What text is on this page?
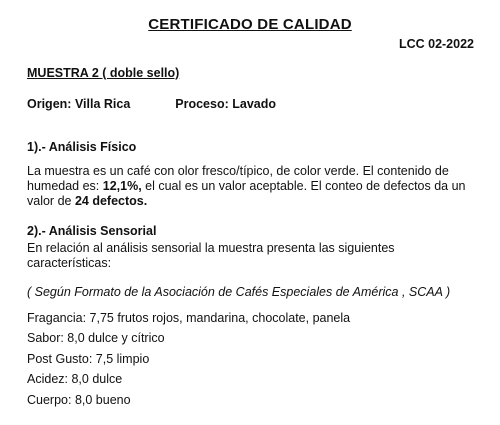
CERTIFICADO DE CALIDAD
LCC 02-2022
MUESTRA 2 ( doble sello)
Origen: Villa Rica	Proceso: Lavado
1).- Análisis Físico
La muestra es un café con olor fresco/típico, de color verde. El contenido de humedad es: 12,1%, el cual es un valor aceptable. El conteo de defectos da un valor de 24 defectos.
2).- Análisis Sensorial
En relación al análisis sensorial la muestra presenta las siguientes características:
( Según Formato de la Asociación de Cafés Especiales de América , SCAA )
Fragancia: 7,75 frutos rojos, mandarina, chocolate, panela
Sabor: 8,0 dulce y cítrico
Post Gusto: 7,5 limpio
Acidez: 8,0 dulce
Cuerpo: 8,0 bueno
